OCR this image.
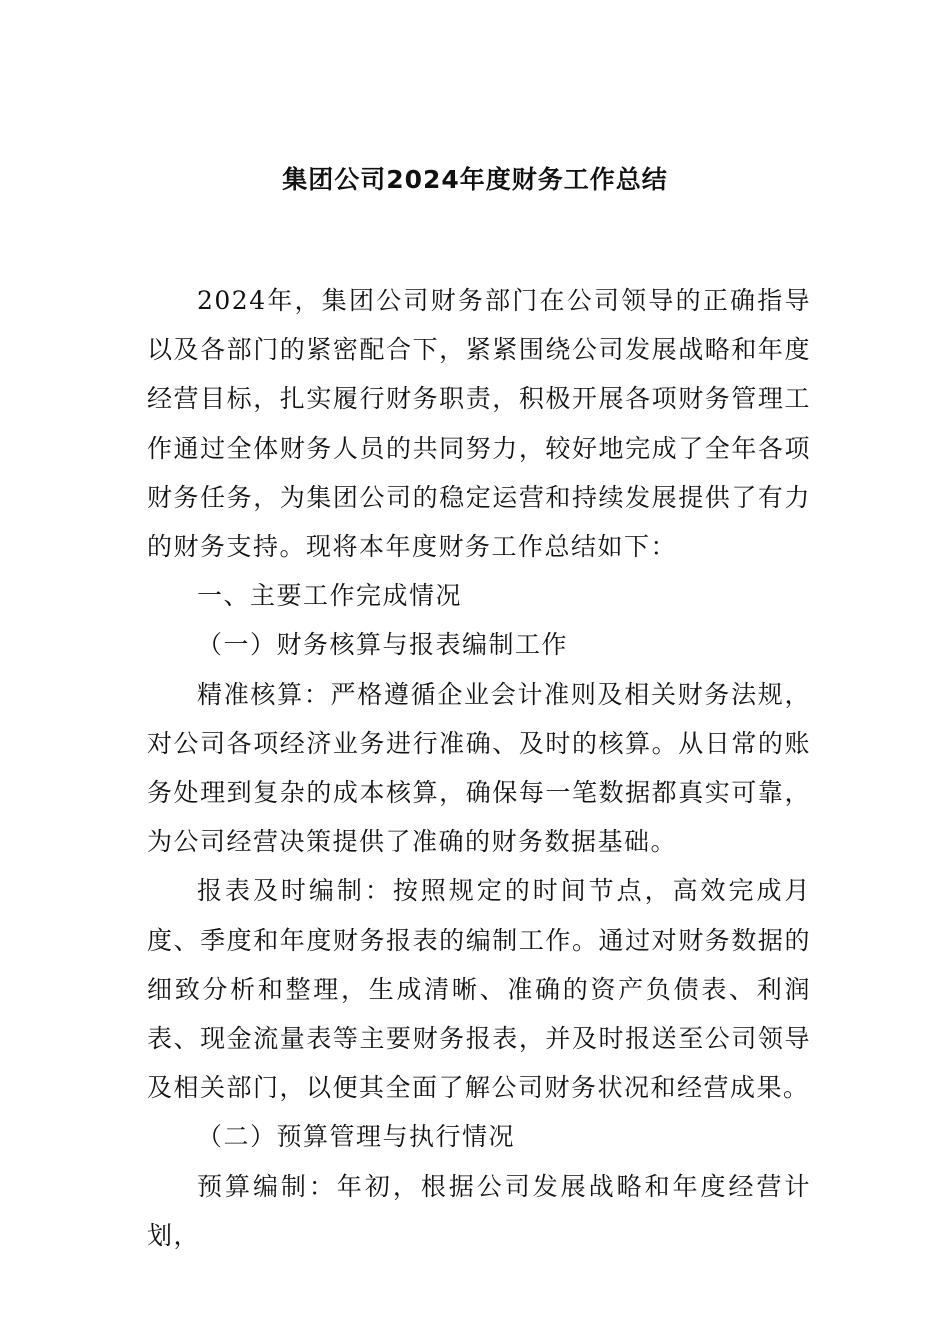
集团公司2024年度财务工作总结

2024年，集团公司财务部门在公司领导的正确指导以及各部门的紧密配合下，紧紧围绕公司发展战略和年度经营目标，扎实履行财务职责，积极开展各项财务管理工作通过全体财务人员的共同努力，较好地完成了全年各项财务任务，为集团公司的稳定运营和持续发展提供了有力的财务支持。现将本年度财务工作总结如下：

一、主要工作完成情况

（一）财务核算与报表编制工作

精准核算：严格遵循企业会计准则及相关财务法规，对公司各项经济业务进行准确、及时的核算。从日常的账务处理到复杂的成本核算，确保每一笔数据都真实可靠，为公司经营决策提供了准确的财务数据基础。

报表及时编制：按照规定的时间节点，高效完成月度、季度和年度财务报表的编制工作。通过对财务数据的细致分析和整理，生成清晰、准确的资产负债表、利润表、现金流量表等主要财务报表，并及时报送至公司领导及相关部门，以便其全面了解公司财务状况和经营成果。

（二）预算管理与执行情况

预算编制：年初，根据公司发展战略和年度经营计划，
